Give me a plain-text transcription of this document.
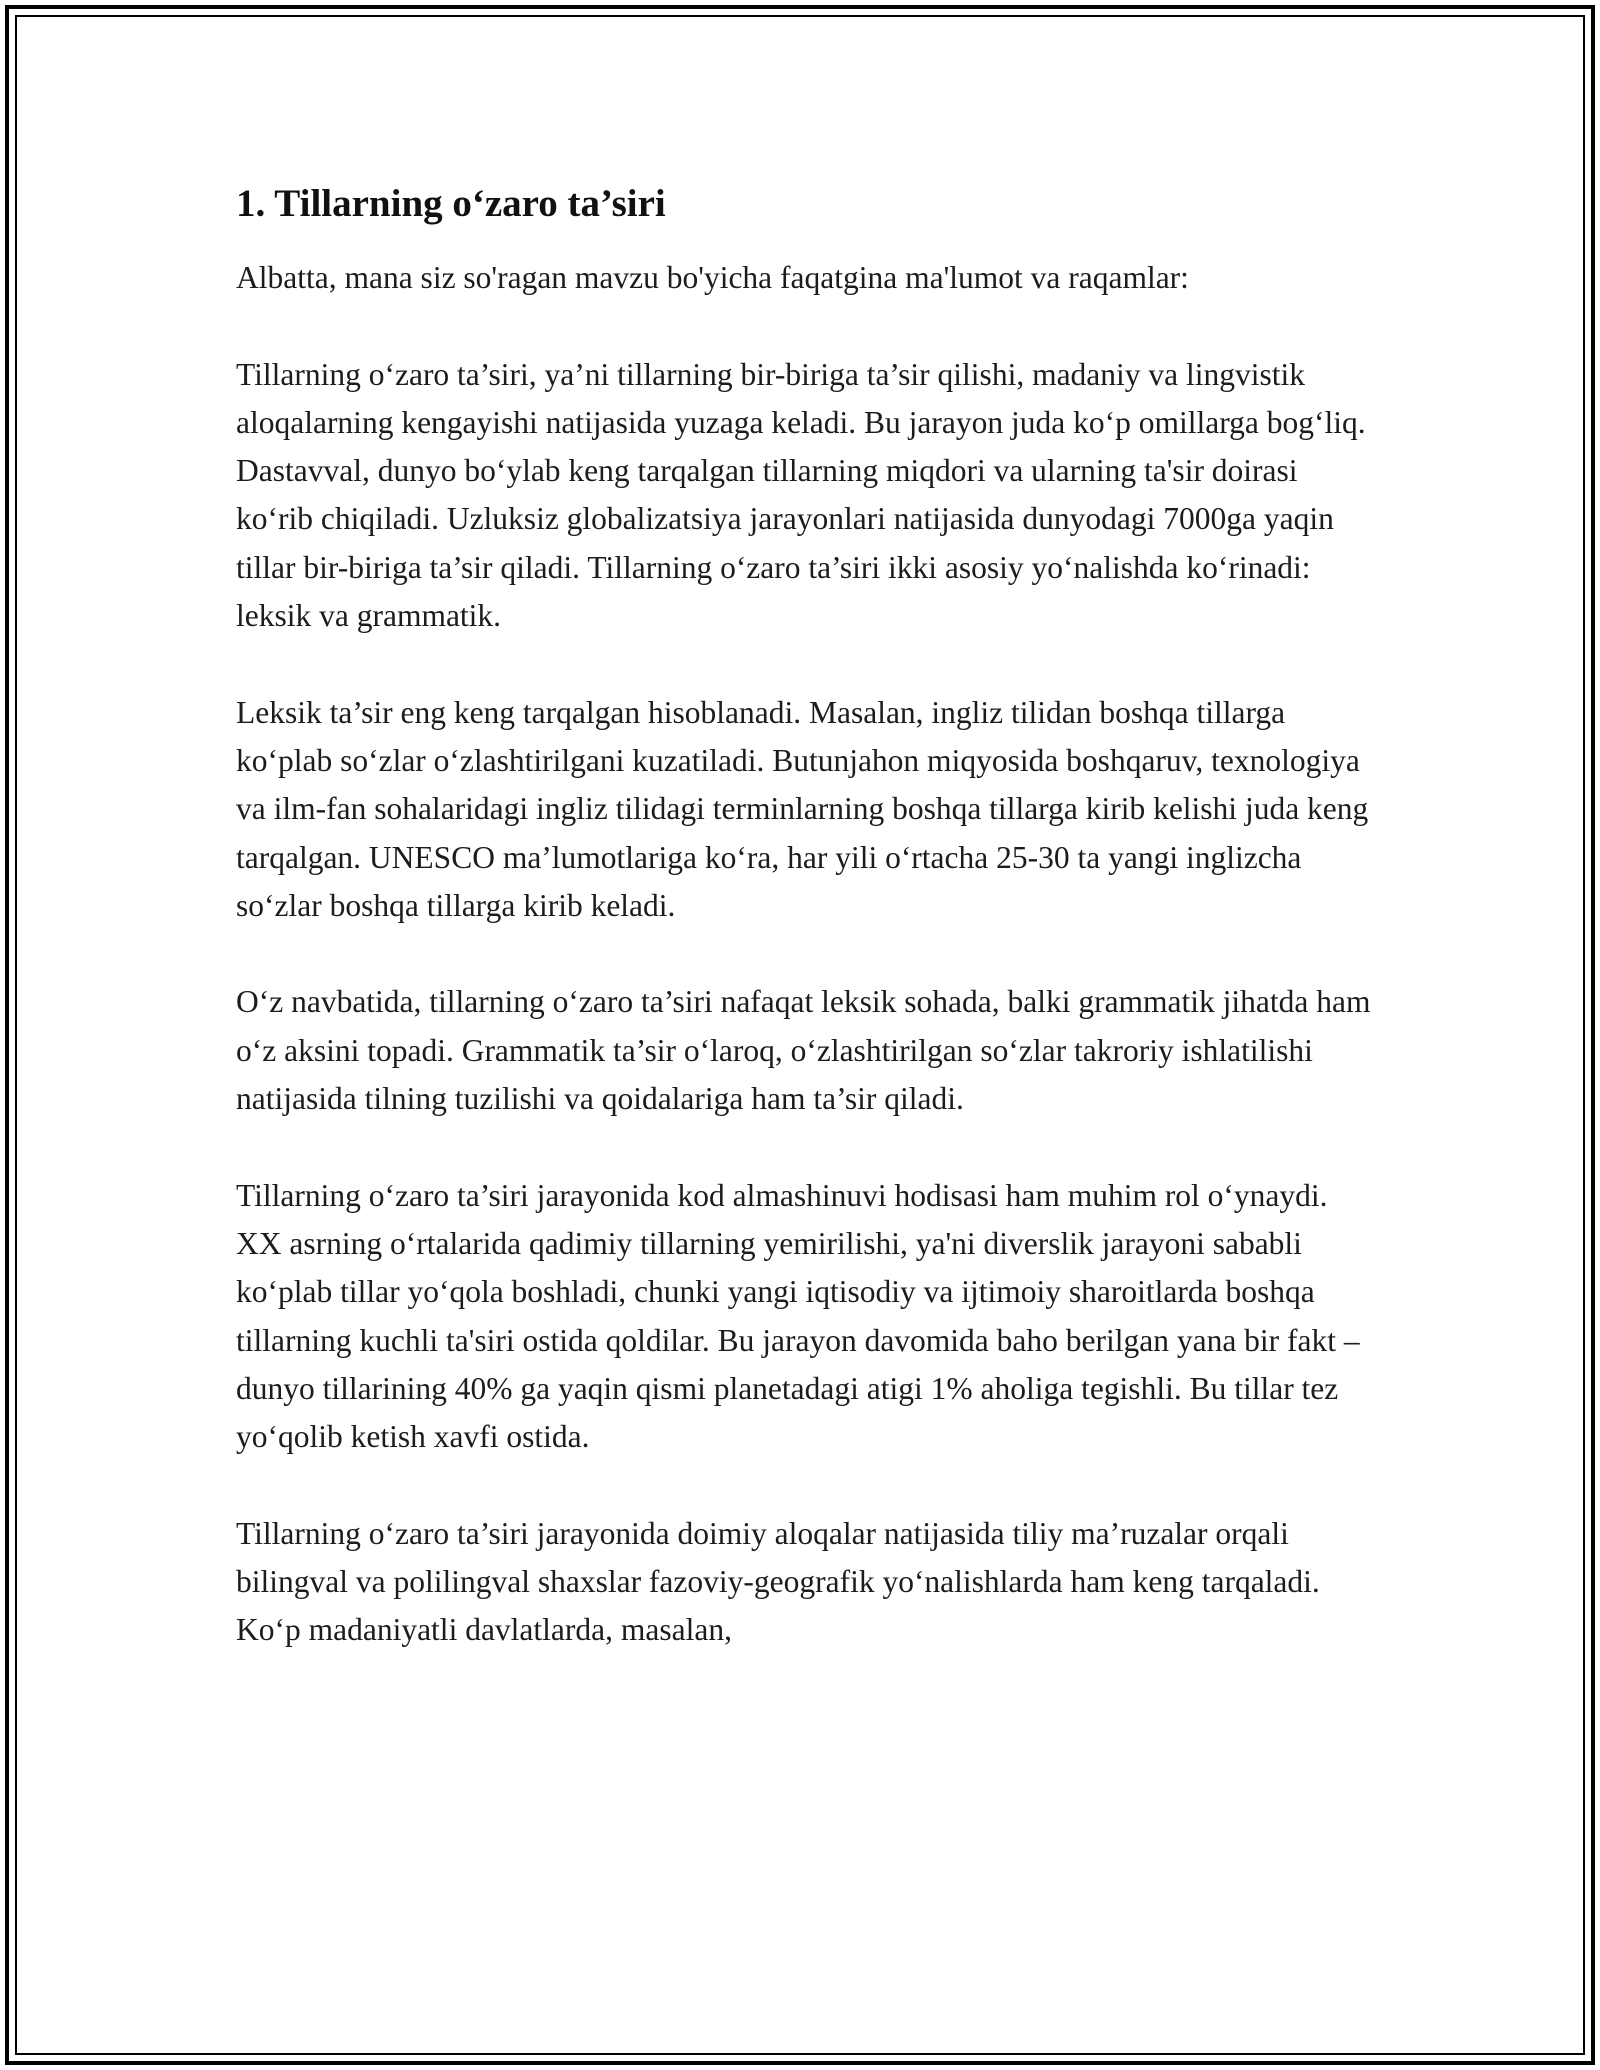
1. Tillarning o‘zaro ta’siri

Albatta, mana siz so'ragan mavzu bo'yicha faqatgina ma'lumot va raqamlar:

Tillarning o‘zaro ta’siri, ya’ni tillarning bir-biriga ta’sir qilishi, madaniy va lingvistik aloqalarning kengayishi natijasida yuzaga keladi. Bu jarayon juda ko‘p omillarga bog‘liq. Dastavval, dunyo bo‘ylab keng tarqalgan tillarning miqdori va ularning ta'sir doirasi ko‘rib chiqiladi. Uzluksiz globalizatsiya jarayonlari natijasida dunyodagi 7000ga yaqin tillar bir-biriga ta’sir qiladi. Tillarning o‘zaro ta’siri ikki asosiy yo‘nalishda ko‘rinadi: leksik va grammatik.

Leksik ta’sir eng keng tarqalgan hisoblanadi. Masalan, ingliz tilidan boshqa tillarga ko‘plab so‘zlar o‘zlashtirilgani kuzatiladi. Butunjahon miqyosida boshqaruv, texnologiya va ilm-fan sohalaridagi ingliz tilidagi terminlarning boshqa tillarga kirib kelishi juda keng tarqalgan. UNESCO ma’lumotlariga ko‘ra, har yili o‘rtacha 25-30 ta yangi inglizcha so‘zlar boshqa tillarga kirib keladi.

O‘z navbatida, tillarning o‘zaro ta’siri nafaqat leksik sohada, balki grammatik jihatda ham o‘z aksini topadi. Grammatik ta’sir o‘laroq, o‘zlashtirilgan so‘zlar takroriy ishlatilishi natijasida tilning tuzilishi va qoidalariga ham ta’sir qiladi.

Tillarning o‘zaro ta’siri jarayonida kod almashinuvi hodisasi ham muhim rol o‘ynaydi. XX asrning o‘rtalarida qadimiy tillarning yemirilishi, ya'ni diverslik jarayoni sababli ko‘plab tillar yo‘qola boshladi, chunki yangi iqtisodiy va ijtimoiy sharoitlarda boshqa tillarning kuchli ta'siri ostida qoldilar. Bu jarayon davomida baho berilgan yana bir fakt – dunyo tillarining 40% ga yaqin qismi planetadagi atigi 1% aholiga tegishli. Bu tillar tez yo‘qolib ketish xavfi ostida.

Tillarning o‘zaro ta’siri jarayonida doimiy aloqalar natijasida tiliy ma’ruzalar orqali bilingval va polilingval shaxslar fazoviy-geografik yo‘nalishlarda ham keng tarqaladi. Ko‘p madaniyatli davlatlarda, masalan,
